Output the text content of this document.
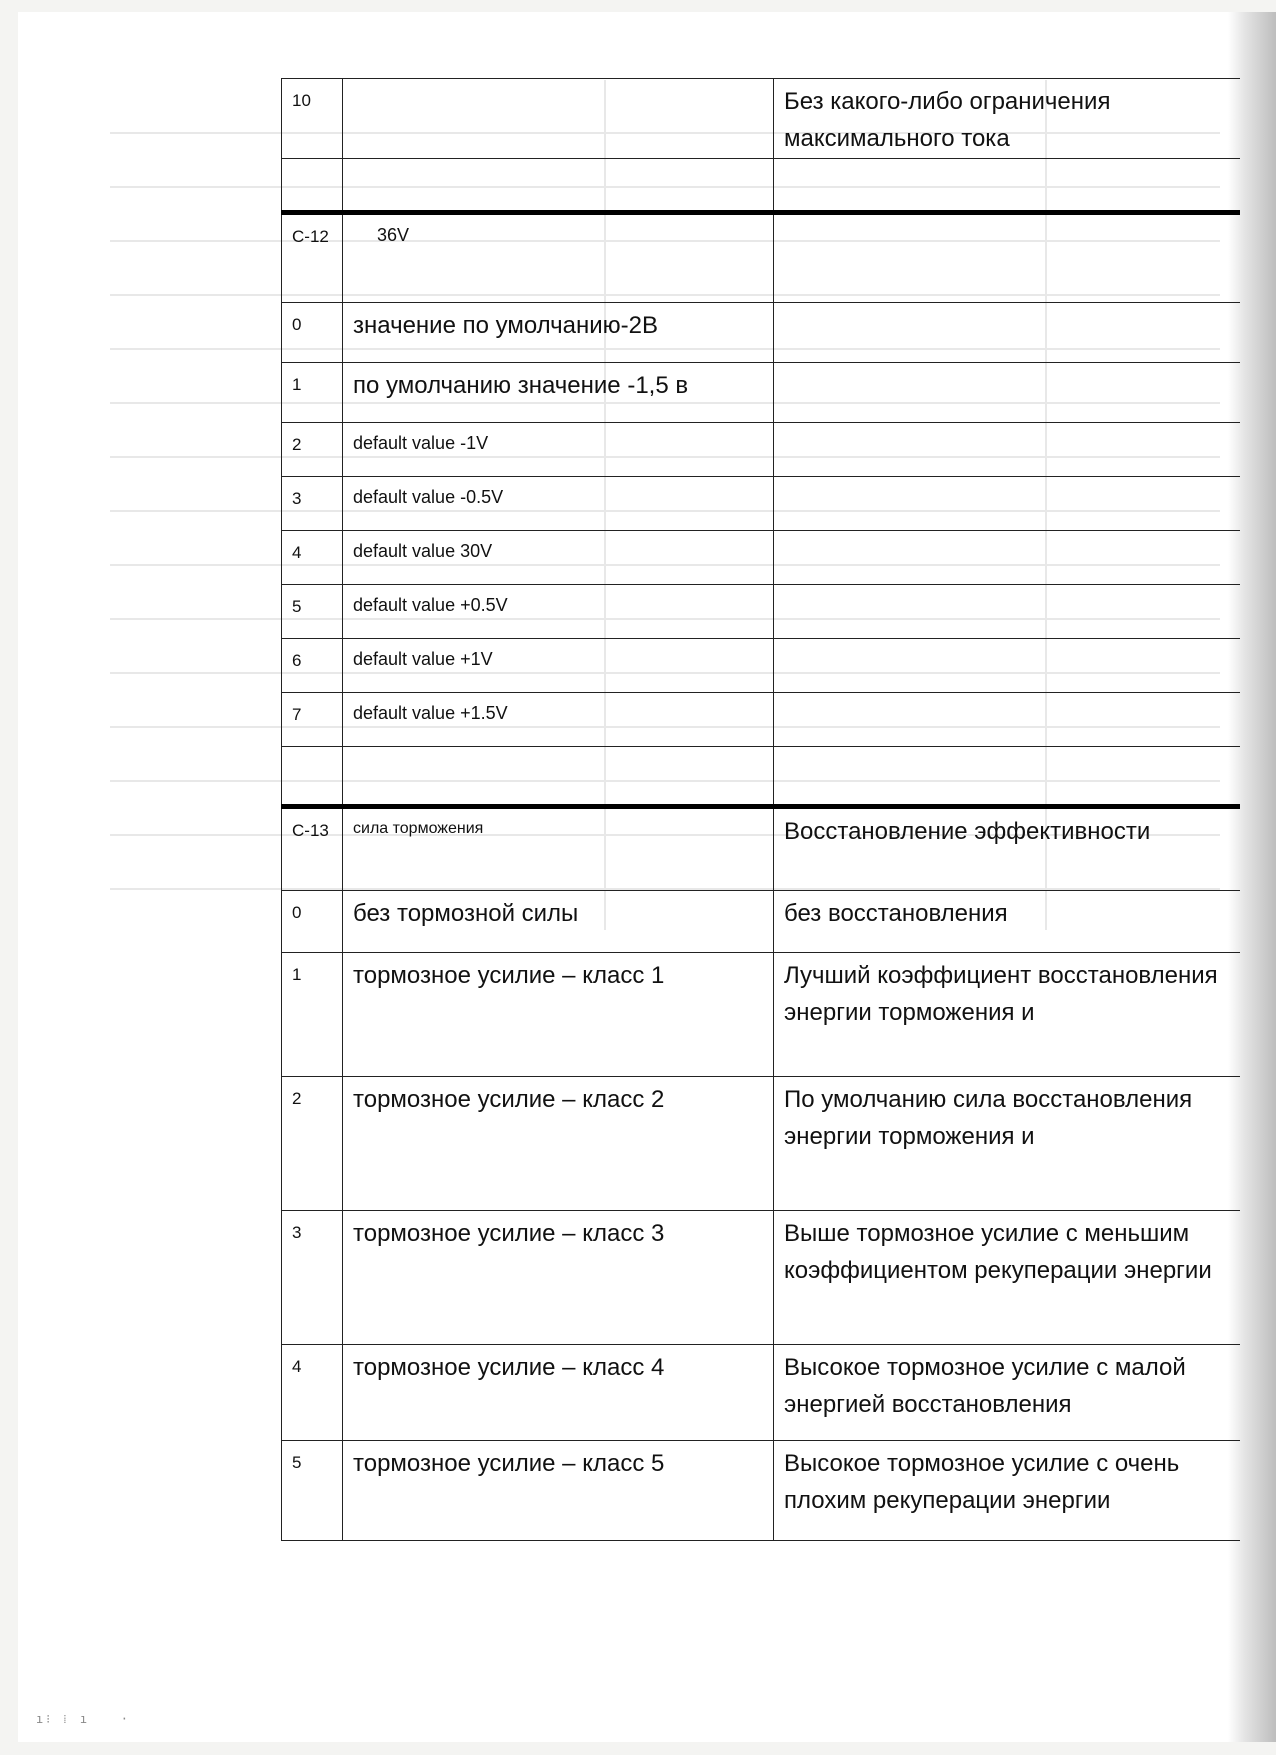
10		Без какого-либо ограничения максимального тока

С-12	36V	

0	значение по умолчанию-2В	

1	по умолчанию значение -1,5 в	

2	default value -1V	

3	default value -0.5V	

4	default value 30V	

5	default value +0.5V	

6	default value +1V	

7	default value +1.5V	

С-13	сила торможения	Восстановление эффективности

0	без тормозной силы	без восстановления

1	тормозное усилие – класс 1	Лучший коэффициент восстановления энергии торможения и

2	тормозное усилие – класс 2	По умолчанию сила восстановления энергии торможения и

3	тормозное усилие – класс 3	Выше тормозное усилие с меньшим коэффициентом рекуперации энергии

4	тормозное усилие – класс 4	Высокое тормозное усилие с малой энергией восстановления

5	тормозное усилие – класс 5	Высокое тормозное усилие с очень плохим рекуперации энергии
ı⁝ ⁞ ı   ·
